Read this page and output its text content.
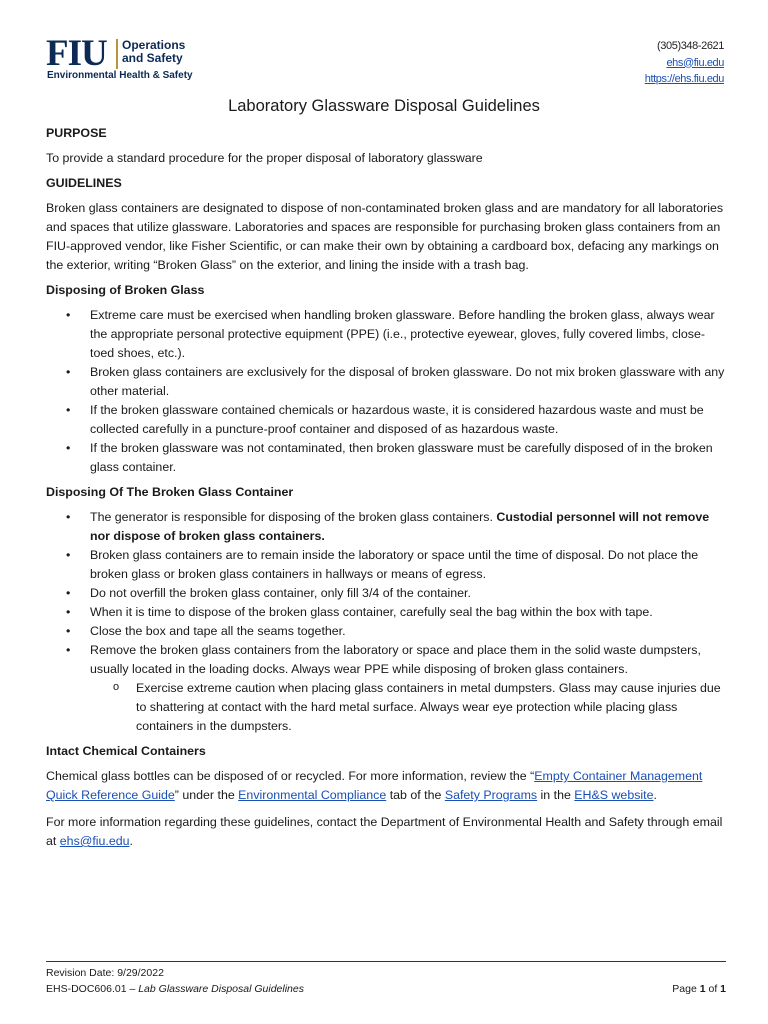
FIU Operations
and Safety
Environmental Health & Safety
(305)348-2621
ehs@fiu.edu
https://ehs.fiu.edu
Laboratory Glassware Disposal Guidelines

PURPOSE

To provide a standard procedure for the proper disposal of laboratory glassware

GUIDELINES

Broken glass containers are designated to dispose of non-contaminated broken glass and are mandatory for all laboratories and spaces that utilize glassware. Laboratories and spaces are responsible for purchasing broken glass containers from an FIU-approved vendor, like Fisher Scientific, or can make their own by obtaining a cardboard box, defacing any markings on the exterior, writing “Broken Glass” on the exterior, and lining the inside with a trash bag.

Disposing of Broken Glass

• Extreme care must be exercised when handling broken glassware. Before handling the broken glass, always wear the appropriate personal protective equipment (PPE) (i.e., protective eyewear, gloves, fully covered limbs, close-toed shoes, etc.).
• Broken glass containers are exclusively for the disposal of broken glassware. Do not mix broken glassware with any other material.
• If the broken glassware contained chemicals or hazardous waste, it is considered hazardous waste and must be collected carefully in a puncture-proof container and disposed of as hazardous waste.
• If the broken glassware was not contaminated, then broken glassware must be carefully disposed of in the broken glass container.

Disposing Of The Broken Glass Container

• The generator is responsible for disposing of the broken glass containers. Custodial personnel will not remove nor dispose of broken glass containers.
• Broken glass containers are to remain inside the laboratory or space until the time of disposal. Do not place the broken glass or broken glass containers in hallways or means of egress.
• Do not overfill the broken glass container, only fill 3/4 of the container.
• When it is time to dispose of the broken glass container, carefully seal the bag within the box with tape.
• Close the box and tape all the seams together.
• Remove the broken glass containers from the laboratory or space and place them in the solid waste dumpsters, usually located in the loading docks. Always wear PPE while disposing of broken glass containers.
o Exercise extreme caution when placing glass containers in metal dumpsters. Glass may cause injuries due to shattering at contact with the hard metal surface. Always wear eye protection while placing glass containers in the dumpsters.

Intact Chemical Containers

Chemical glass bottles can be disposed of or recycled. For more information, review the “Empty Container Management Quick Reference Guide” under the Environmental Compliance tab of the Safety Programs in the EH&S website.

For more information regarding these guidelines, contact the Department of Environmental Health and Safety through email at ehs@fiu.edu.

Revision Date: 9/29/2022
EHS-DOC606.01 – Lab Glassware Disposal Guidelines	Page 1 of 1
